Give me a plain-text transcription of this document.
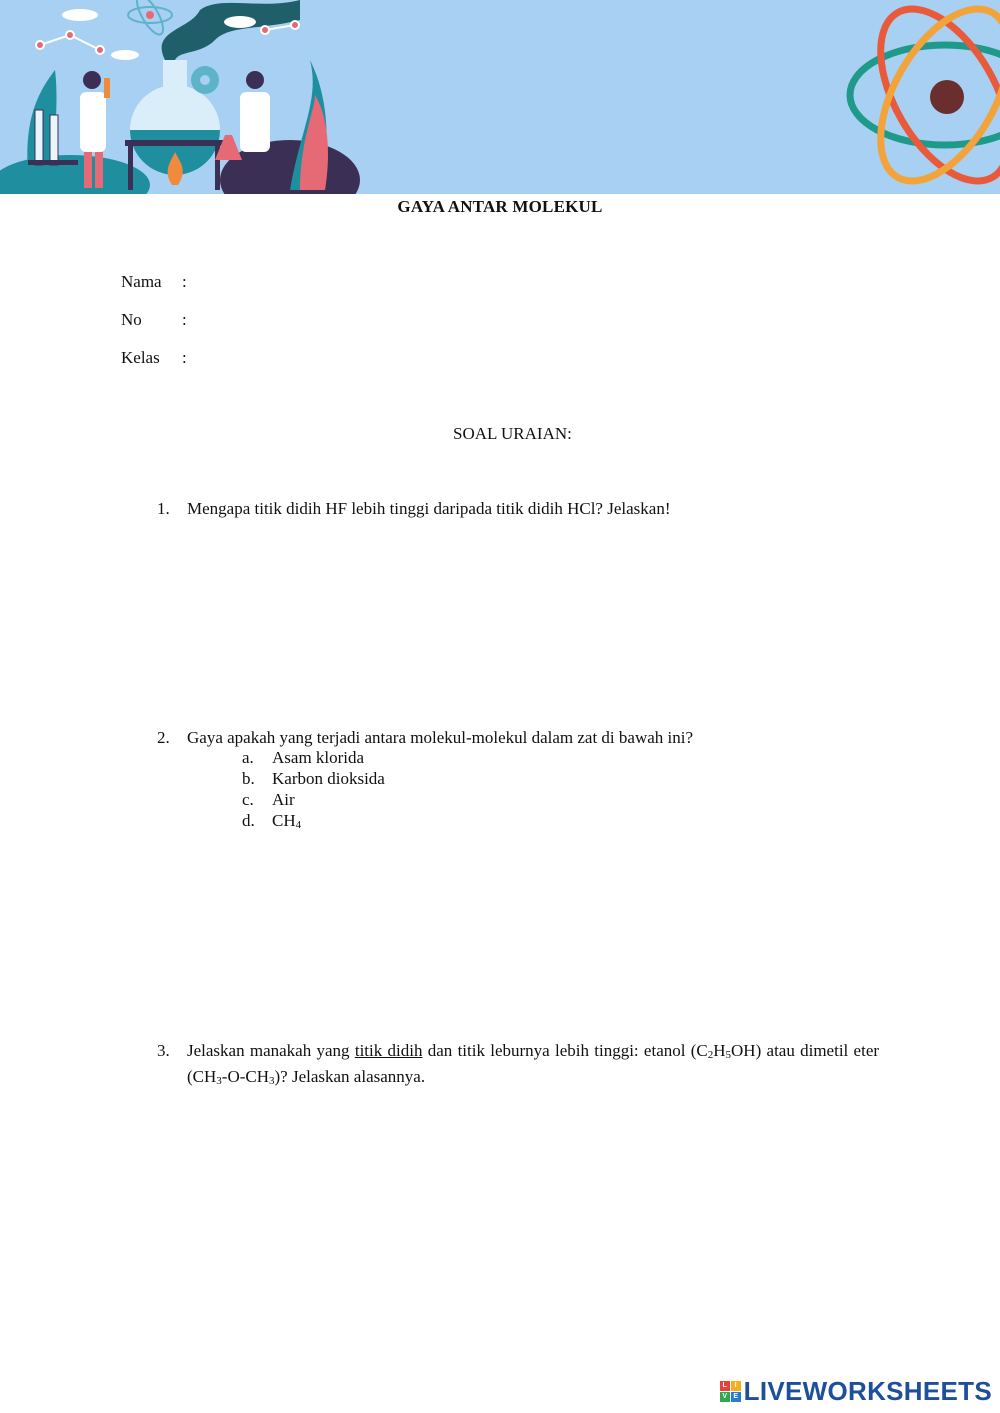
GAYA ANTAR MOLEKUL
Nama :
No :
Kelas :
SOAL URAIAN:
1. Mengapa titik didih HF lebih tinggi daripada titik didih HCl? Jelaskan!
2. Gaya apakah yang terjadi antara molekul-molekul dalam zat di bawah ini?
a. Asam klorida
b. Karbon dioksida
c. Air
d. $CH_4$
3. Jelaskan manakah yang titik didih dan titik leburnya lebih tinggi: etanol $(C_2H_5OH)$ atau dimetil eter $(CH_3-O-CH_3)$? Jelaskan alasannya.
L	I
V E LIVEWORKSHEETS
